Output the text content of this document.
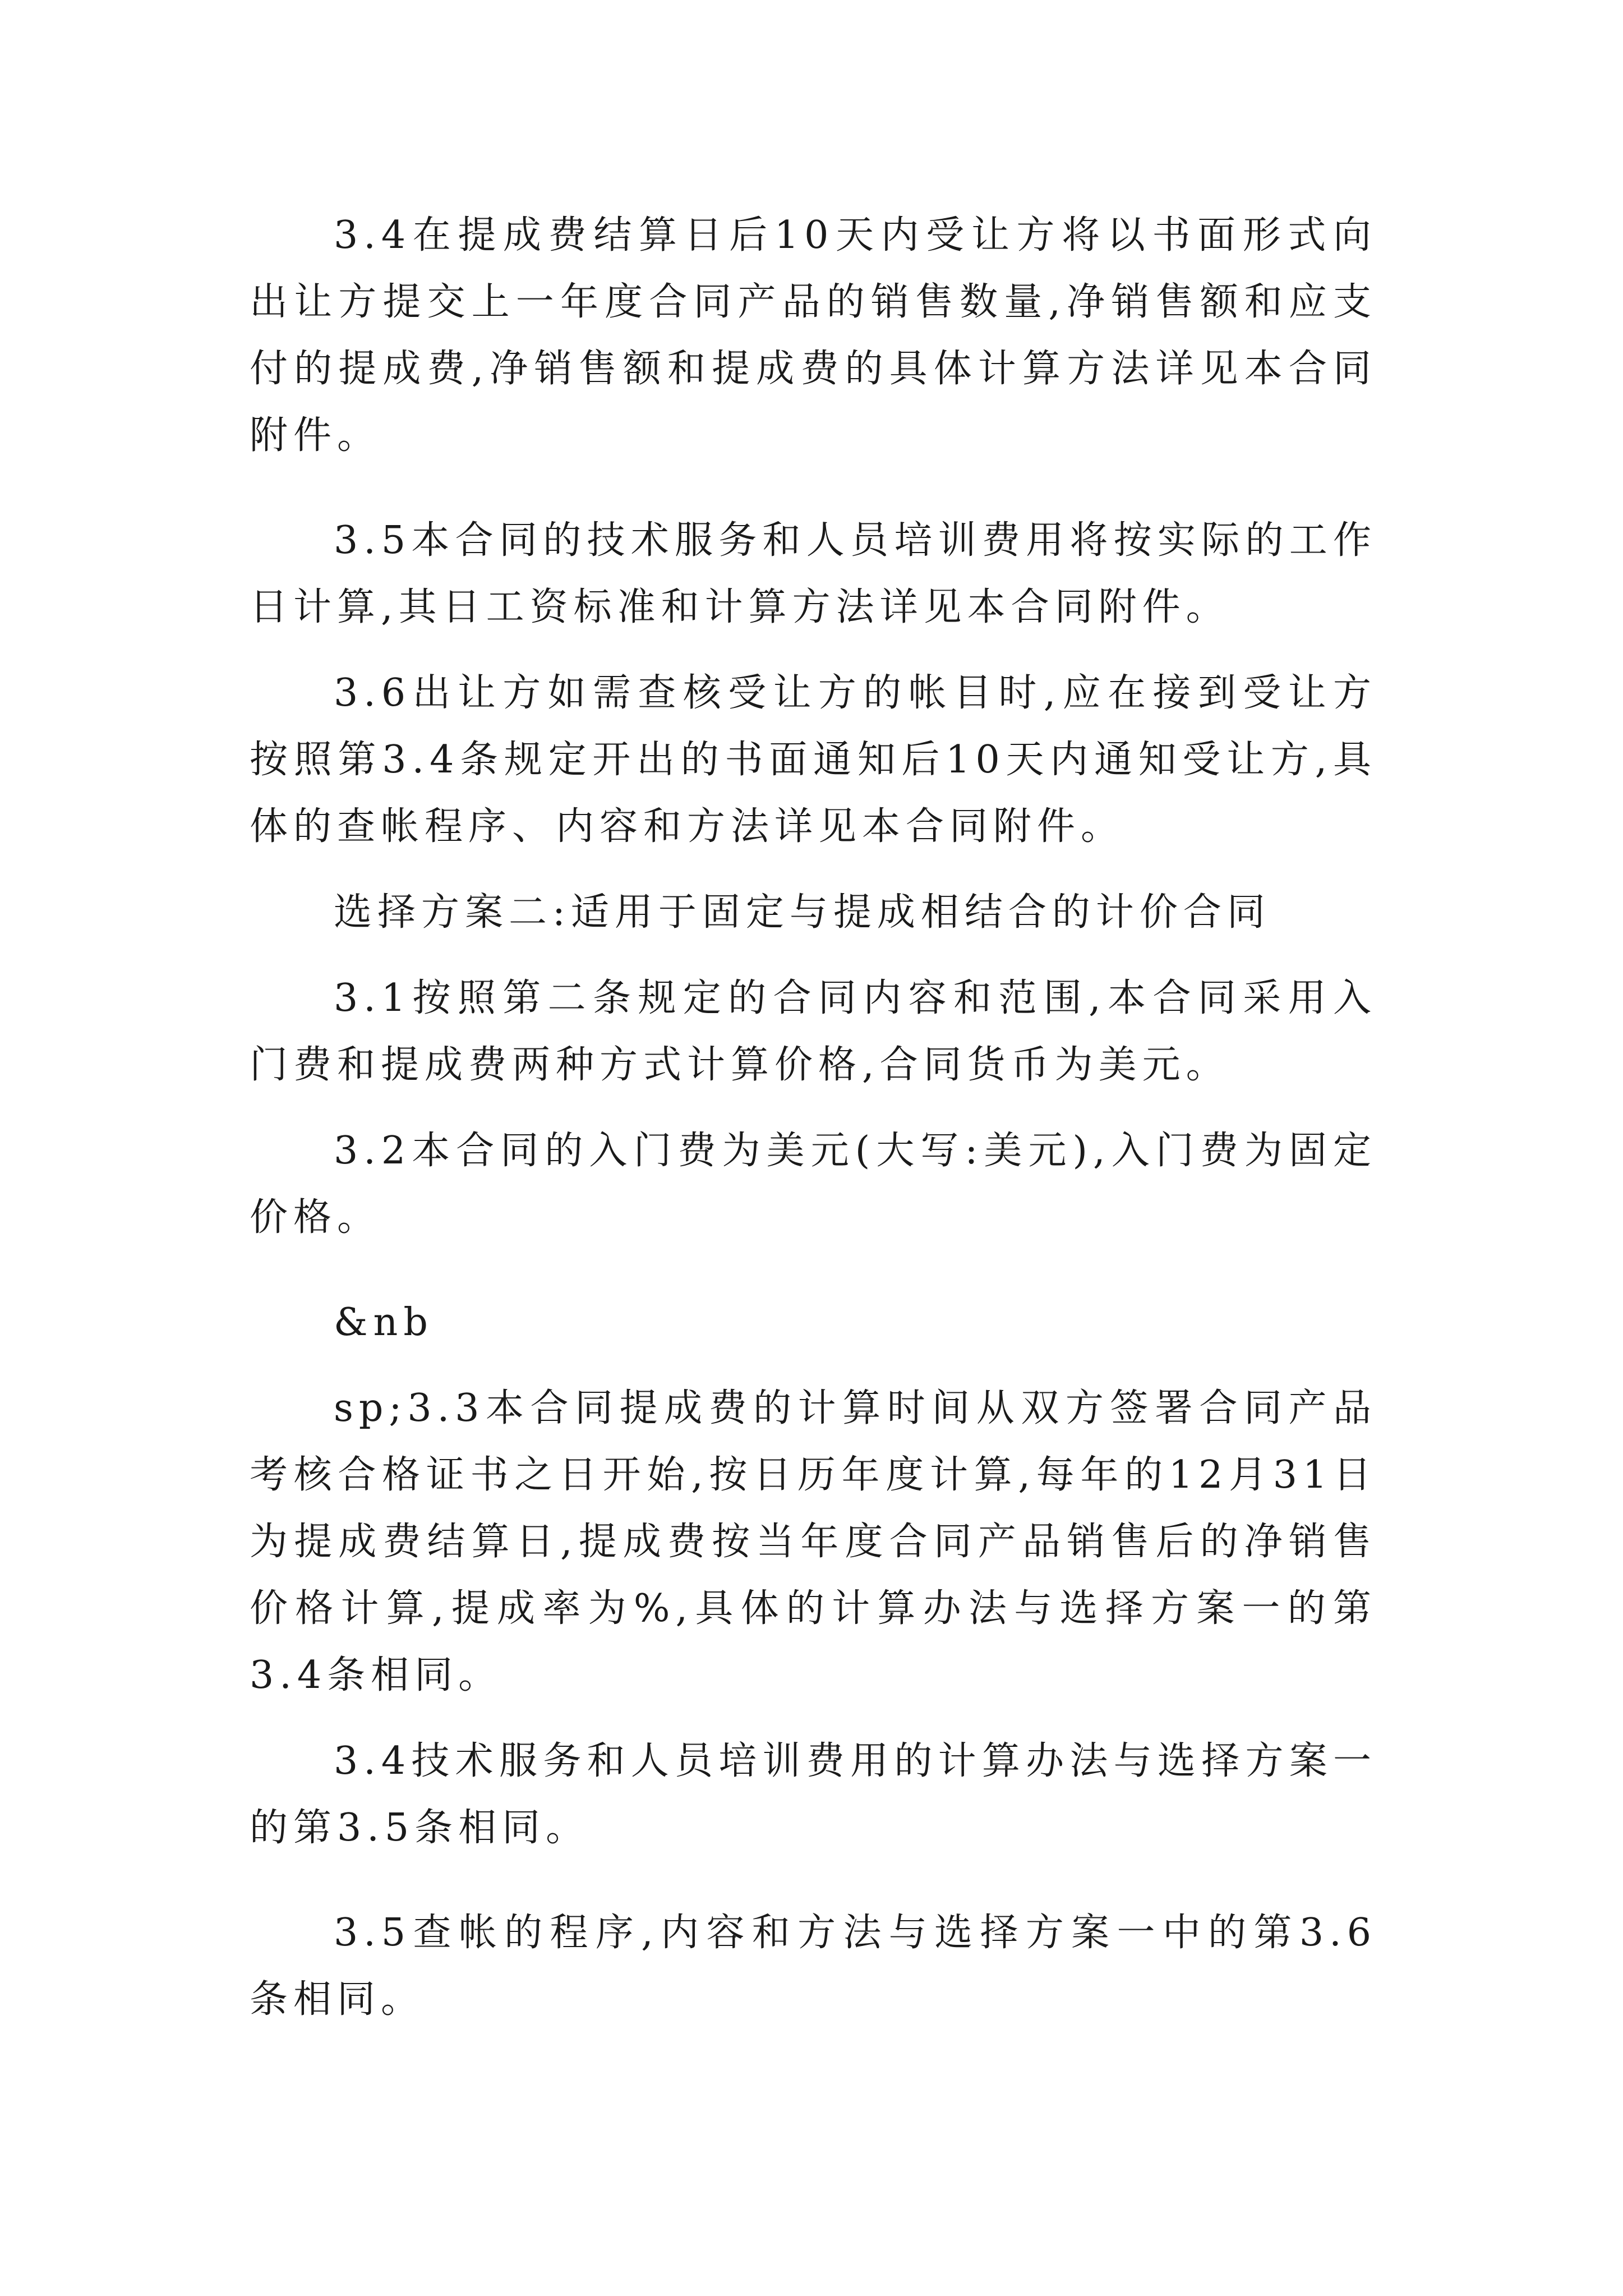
3.4在提成费结算日后10天内受让方将以书面形式向出让方提交上一年度合同产品的销售数量,净销售额和应支付的提成费,净销售额和提成费的具体计算方法详见本合同附件。

3.5本合同的技术服务和人员培训费用将按实际的工作日计算,其日工资标准和计算方法详见本合同附件。

3.6出让方如需查核受让方的帐目时,应在接到受让方按照第3.4条规定开出的书面通知后10天内通知受让方,具体的查帐程序、内容和方法详见本合同附件。

选择方案二:适用于固定与提成相结合的计价合同

3.1按照第二条规定的合同内容和范围,本合同采用入门费和提成费两种方式计算价格,合同货币为美元。

3.2本合同的入门费为美元(大写:美元),入门费为固定价格。

&nb

sp;3.3本合同提成费的计算时间从双方签署合同产品考核合格证书之日开始,按日历年度计算,每年的12月31日为提成费结算日,提成费按当年度合同产品销售后的净销售价格计算,提成率为%,具体的计算办法与选择方案一的第3.4条相同。

3.4技术服务和人员培训费用的计算办法与选择方案一的第3.5条相同。

3.5查帐的程序,内容和方法与选择方案一中的第3.6条相同。
